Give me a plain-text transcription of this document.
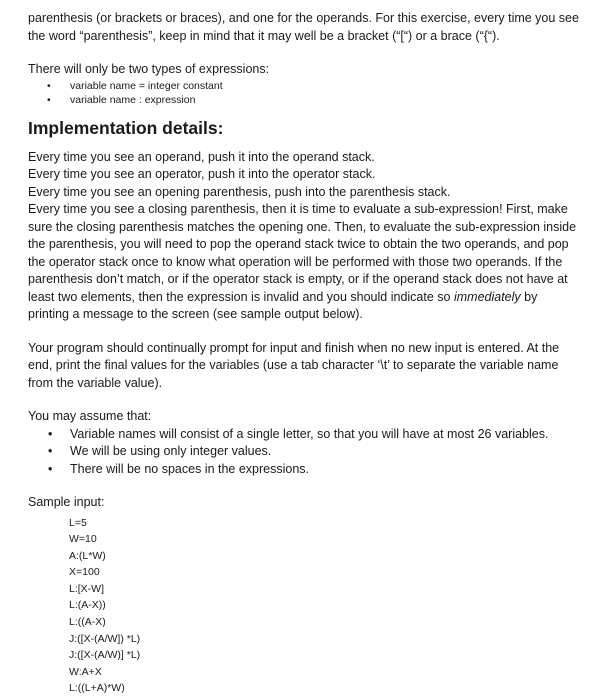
parenthesis (or brackets or braces), and one for the operands. For this exercise, every time you see the word “parenthesis”, keep in mind that it may well be a bracket (“[“) or a brace (“{“).

There will only be two types of expressions:

• variable name = integer constant
• variable name : expression
Implementation details:

Every time you see an operand, push it into the operand stack.

Every time you see an operator, push it into the operator stack.

Every time you see an opening parenthesis, push into the parenthesis stack.

Every time you see a closing parenthesis, then it is time to evaluate a sub-expression! First, make sure the closing parenthesis matches the opening one. Then, to evaluate the sub-expression inside the parenthesis, you will need to pop the operand stack twice to obtain the two operands, and pop the operator stack once to know what operation will be performed with those two operands. If the parenthesis don’t match, or if the operator stack is empty, or if the operand stack does not have at least two elements, then the expression is invalid and you should indicate so immediately by printing a message to the screen (see sample output below).

Your program should continually prompt for input and finish when no new input is entered. At the end, print the final values for the variables (use a tab character ‘\t’ to separate the variable name from the variable value).

You may assume that:

• Variable names will consist of a single letter, so that you will have at most 26 variables.
• We will be using only integer values.
• There will be no spaces in the expressions.

Sample input:

L=5
W=10
A:(L*W)
X=100
L:[X-W]
L:(A-X))
L:((A-X)
J:([X-(A/W]) *L)
J:([X-(A/W)] *L)
W:A+X
L:((L+A)*W)
